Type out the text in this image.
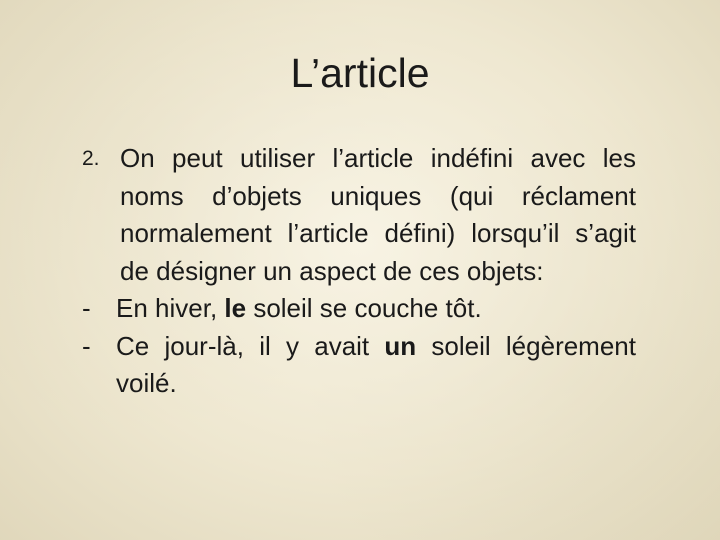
L’article
2. On peut utiliser l’article indéfini avec les noms d’objets uniques (qui réclament normalement l’article défini) lorsqu’il s’agit de désigner un aspect de ces objets:
- En hiver, le soleil se couche tôt.
- Ce jour-là, il y avait un soleil légèrement voilé.
